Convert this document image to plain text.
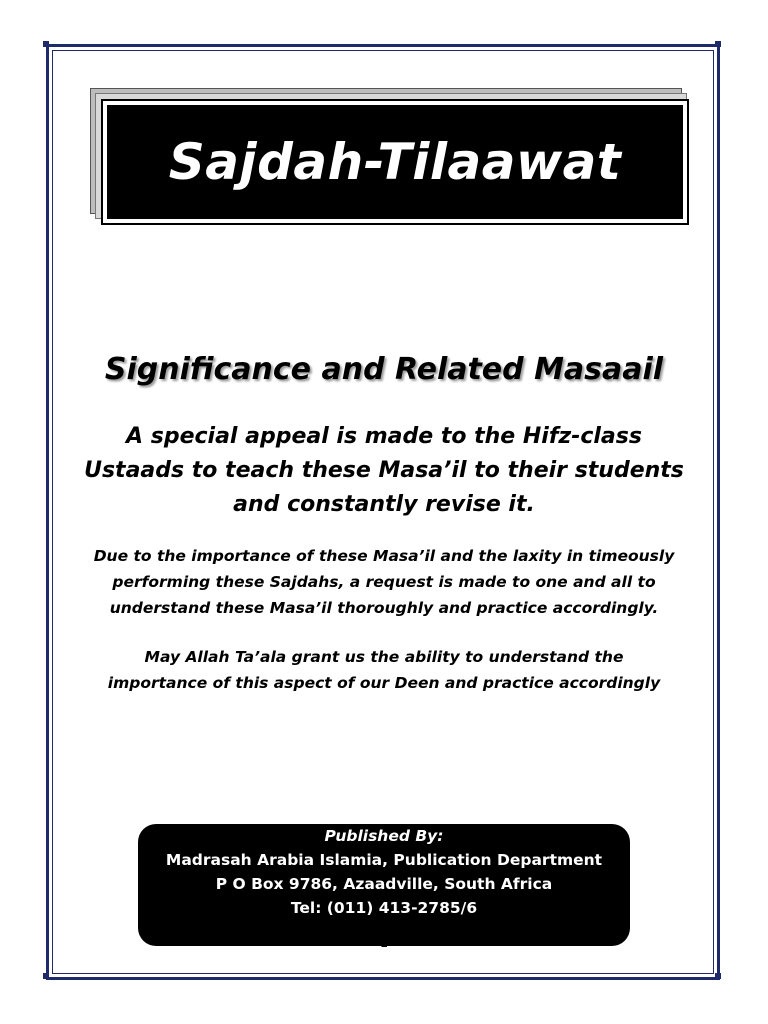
Sajdah-Tilaawat
Significance and Related Masaail
A special appeal is made to the Hifz-class
Ustaads to teach these Masa’il to their students
and constantly revise it.
Due to the importance of these Masa’il and the laxity in timeously
performing these Sajdahs, a request is made to one and all to
understand these Masa’il thoroughly and practice accordingly.
May Allah Ta’ala grant us the ability to understand the
importance of this aspect of our Deen and practice accordingly
Published By:
Madrasah Arabia Islamia, Publication Department
P O Box 9786, Azaadville, South Africa
Tel: (011) 413-2785/6
1
